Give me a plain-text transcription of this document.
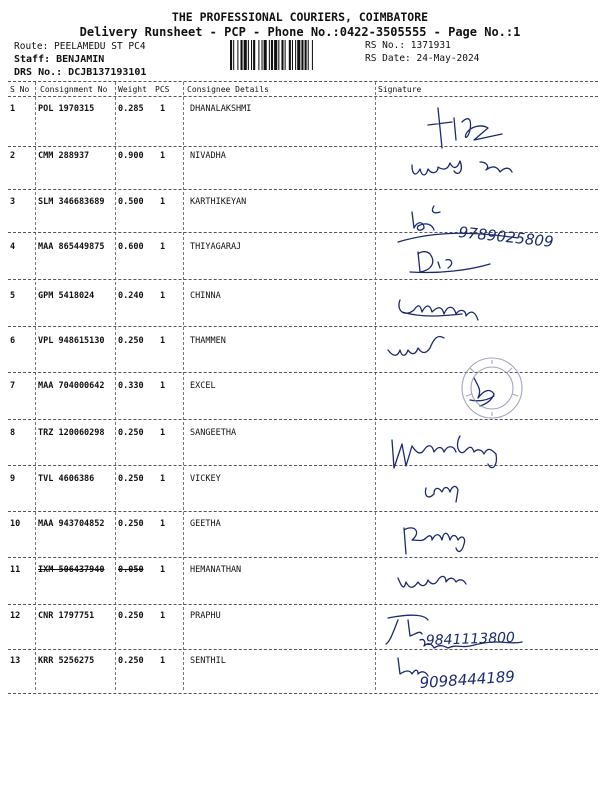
THE PROFESSIONAL COURIERS, COIMBATORE
Delivery Runsheet - PCP - Phone No.:0422-3505555 - Page No.:1
Route: PEELAMEDU ST PC4
Staff: BENJAMIN
DRS No.: DCJB137193101
RS No.: 1371931
RS Date: 24-May-2024
S No Consignment No Weight PCS Consignee Details	Signature
1	POL 1970315	0.285 1	DHANALAKSHMI
2	CMM 288937	0.900 1	NIVADHA
3	SLM 346683689 0.500 1	KARTHIKEYAN
4	MAA 865449875 0.600 1	THIYAGARAJ
5	GPM 5418024	0.240 1	CHINNA
6	VPL 948615130 0.250 1	THAMMEN
7	MAA 704000642 0.330 1	EXCEL
8	TRZ 120060298 0.250 1	SANGEETHA
9	TVL 4606386	0.250 1	VICKEY
10 MAA 943704852 0.250 1	GEETHA
11 IXM 506437940 0.050 1	HEMANATHAN
12 CNR 1797751	0.250 1	PRAPHU
13 KRR 5256275	0.250 1	SENTHIL
9789025809
9841113800
9098444189
